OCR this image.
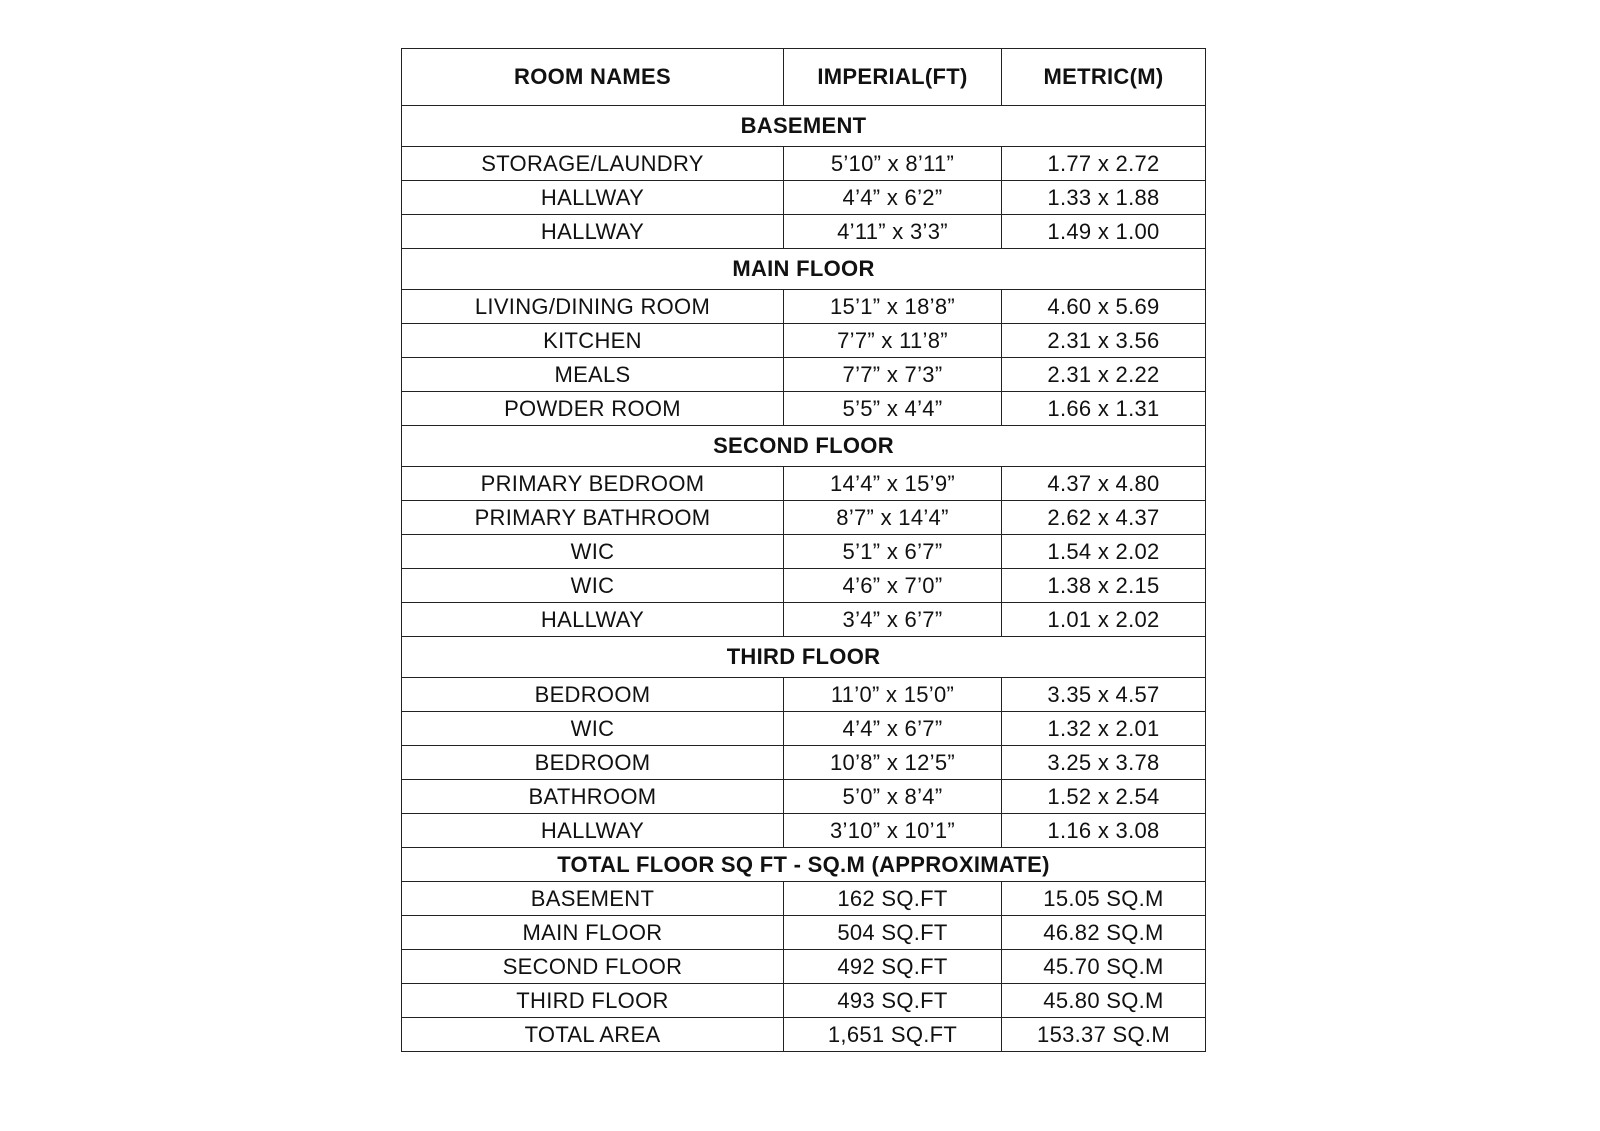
ROOM NAMES	IMPERIAL(FT)	METRIC(M)
BASEMENT		
STORAGE/LAUNDRY	5’10” x 8’11”	1.77 x 2.72
HALLWAY	4’4” x 6’2”	1.33 x 1.88
HALLWAY	4’11” x 3’3”	1.49 x 1.00
MAIN FLOOR		
LIVING/DINING ROOM	15’1” x 18’8”	4.60 x 5.69
KITCHEN	7’7” x 11’8”	2.31 x 3.56
MEALS	7’7” x 7’3”	2.31 x 2.22
POWDER ROOM	5’5” x 4’4”	1.66 x 1.31
SECOND FLOOR		
PRIMARY BEDROOM	14’4” x 15’9”	4.37 x 4.80
PRIMARY BATHROOM	8’7” x 14’4”	2.62 x 4.37
WIC	5’1” x 6’7”	1.54 x 2.02
WIC	4’6” x 7’0”	1.38 x 2.15
HALLWAY	3’4” x 6’7”	1.01 x 2.02
THIRD FLOOR		
BEDROOM	11’0” x 15’0”	3.35 x 4.57
WIC	4’4” x 6’7”	1.32 x 2.01
BEDROOM	10’8” x 12’5”	3.25 x 3.78
BATHROOM	5’0” x 8’4”	1.52 x 2.54
HALLWAY	3’10” x 10’1”	1.16 x 3.08
TOTAL FLOOR SQ FT - SQ.M (APPROXIMATE)		
BASEMENT	162 SQ.FT	15.05 SQ.M
MAIN FLOOR	504 SQ.FT	46.82 SQ.M
SECOND FLOOR	492 SQ.FT	45.70 SQ.M
THIRD FLOOR	493 SQ.FT	45.80 SQ.M
TOTAL AREA	1,651 SQ.FT	153.37 SQ.M
